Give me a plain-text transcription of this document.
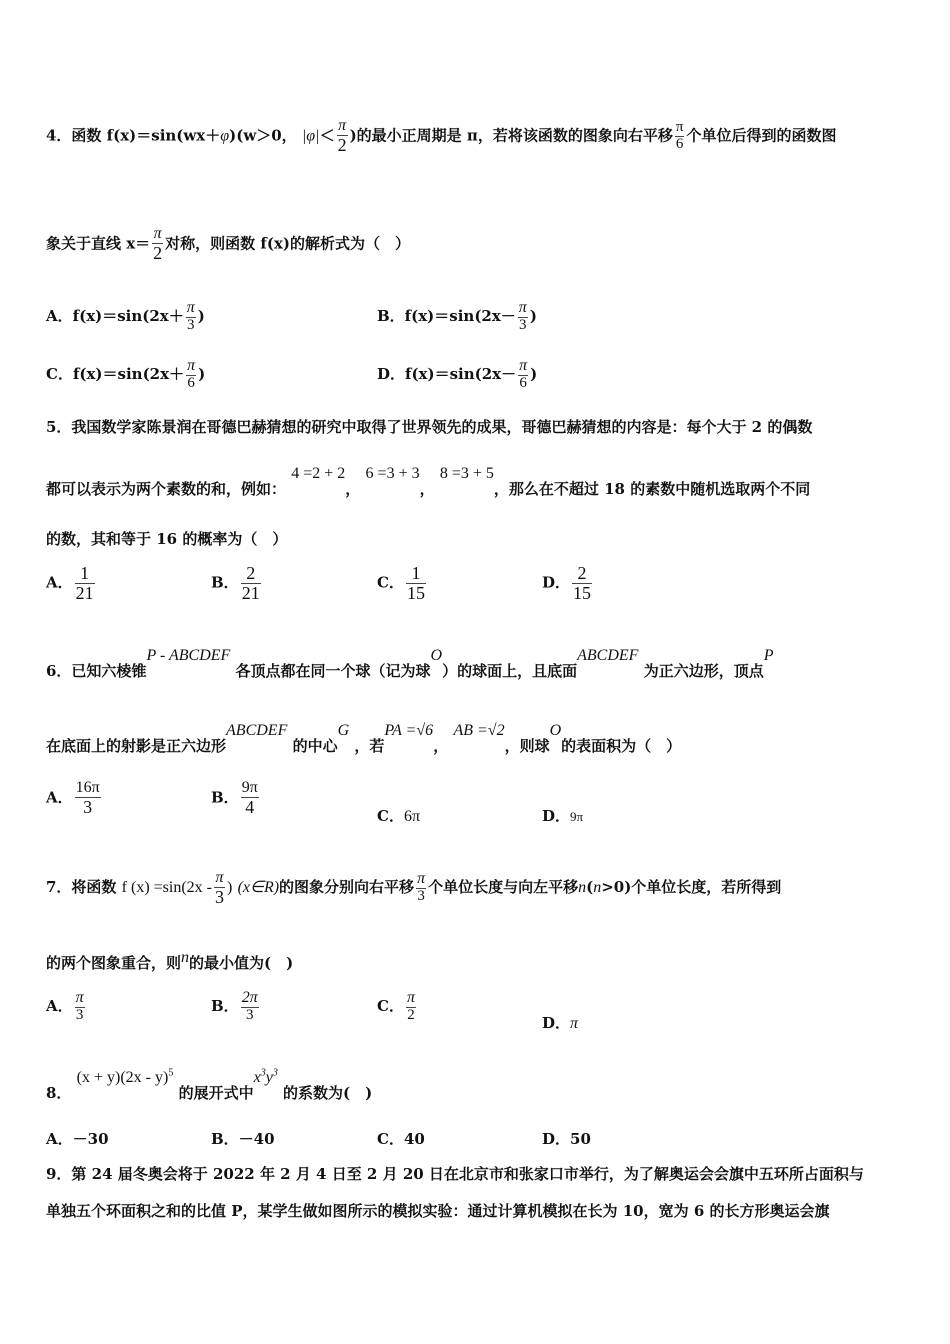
4．函数 f(x)＝sin(wx＋φ)(w＞0， $|\varphi|< \frac{\pi}{2}$ )的最小正周期是 π，若将该函数的图象向右平移 $\frac{\pi}{6}$ 个单位后得到的函数图
象关于直线 $x= \frac{\pi}{2}$ 对称，则函数 f(x)的解析式为（　）
A．$f(x)=\sin(2x+ \frac{\pi}{3}$ )	B．$f(x)=\sin(2x- \frac{\pi}{3}$ )
C．$f(x)=\sin(2x+ \frac{\pi}{6}$ )	D．$f(x)=\sin(2x- \frac{\pi}{6}$ )
5．我国数学家陈景润在哥德巴赫猜想的研究中取得了世界领先的成果，哥德巴赫猜想的内容是：每个大于 2 的偶数
都可以表示为两个素数的和，例如： 4 =2 + 2， 6 =3 + 3， 8 =3 + 5，那么在不超过 18 的素数中随机选取两个不同
的数，其和等于 16 的概率为（　）
A． $\frac{1}{21}$	B． $\frac{2}{21}$	C． $\frac{1}{15}$	D． $\frac{2}{15}$
6．已知六棱锥P - ABCDEF 各顶点都在同一个球（记为球O）的球面上，且底面ABCDEF 为正六边形，顶点P
在底面上的射影是正六边形ABCDEF 的中心G ，若PA =√6， AB =√2，则球O的表面积为（　）
A． $\frac{16\pi}{3}$	B． $\frac{9\pi}{4}$	C．6π	D．9π
7．将函数 f $(x) =\sin(2x - \frac{\pi}{3}$ ) (x∈R)的图象分别向右平移 $\frac{\pi}{3}$ 个单位长度与向左平移n(n>0)个单位长度，若所得到
的两个图象重合，则n的最小值为(　)
A． $\frac{\pi}{3}$	B． $\frac{2\pi}{3}$	C． $\frac{\pi}{2}$	D．π
8． (x + y)(2x - y)$^5$ 的展开式中$x^3y^3$ 的系数为(　)
A．－30	B．－40	C．40	D．50
9．第 24 届冬奥会将于 2022 年 2 月 4 日至 2 月 20 日在北京市和张家口市举行，为了解奥运会会旗中五环所占面积与
单独五个环面积之和的比值 P，某学生做如图所示的模拟实验：通过计算机模拟在长为 10，宽为 6 的长方形奥运会旗
